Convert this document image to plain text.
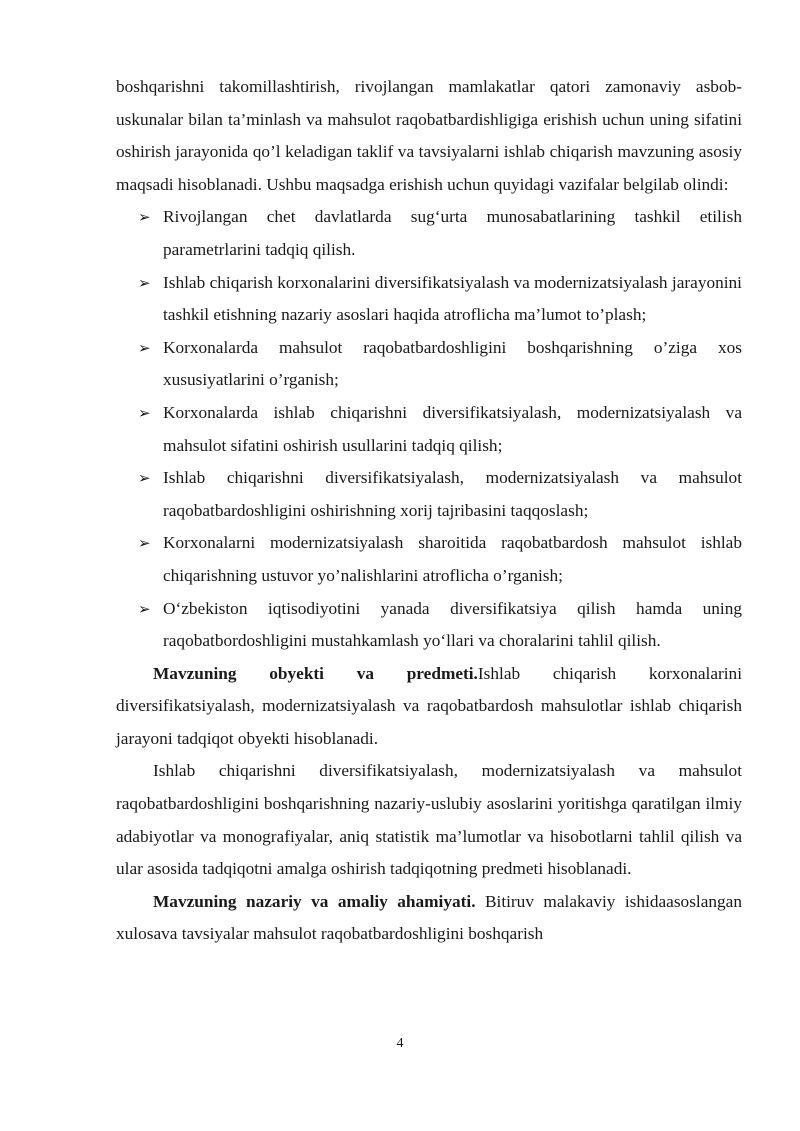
boshqarishni takomillashtirish, rivojlangan mamlakatlar qatori zamonaviy asbob-uskunalar bilan ta’minlash va mahsulot raqobatbardishligiga erishish uchun uning sifatini oshirish jarayonida qo’l keladigan taklif va tavsiyalarni ishlab chiqarish mavzuning asosiy maqsadi hisoblanadi. Ushbu maqsadga erishish uchun quyidagi vazifalar belgilab olindi:

➢ Rivojlangan chet davlatlarda sug‘urta munosabatlarining tashkil etilish parametrlarini tadqiq qilish.
➢ Ishlab chiqarish korxonalarini diversifikatsiyalash va modernizatsiyalash jarayonini tashkil etishning nazariy asoslari haqida atroflicha ma’lumot to’plash;
➢ Korxonalarda mahsulot raqobatbardoshligini boshqarishning o’ziga xos xususiyatlarini o’rganish;
➢ Korxonalarda ishlab chiqarishni diversifikatsiyalash, modernizatsiyalash va mahsulot sifatini oshirish usullarini tadqiq qilish;
➢ Ishlab chiqarishni diversifikatsiyalash, modernizatsiyalash va mahsulot raqobatbardoshligini oshirishning xorij tajribasini taqqoslash;
➢ Korxonalarni modernizatsiyalash sharoitida raqobatbardosh mahsulot ishlab chiqarishning ustuvor yo’nalishlarini atroflicha o’rganish;
➢ O‘zbekiston iqtisodiyotini yanada diversifikatsiya qilish hamda uning raqobatbordoshligini mustahkamlash yo‘llari va choralarini tahlil qilish.

Mavzuning obyekti va predmeti.Ishlab chiqarish korxonalarini diversifikatsiyalash, modernizatsiyalash va raqobatbardosh mahsulotlar ishlab chiqarish jarayoni tadqiqot obyekti hisoblanadi.

Ishlab chiqarishni diversifikatsiyalash, modernizatsiyalash va mahsulot raqobatbardoshligini boshqarishning nazariy-uslubiy asoslarini yoritishga qaratilgan ilmiy adabiyotlar va monografiyalar, aniq statistik ma’lumotlar va hisobotlarni tahlil qilish va ular asosida tadqiqotni amalga oshirish tadqiqotning predmeti hisoblanadi.

Mavzuning nazariy va amaliy ahamiyati. Bitiruv malakaviy ishidaasoslangan xulosava tavsiyalar mahsulot raqobatbardoshligini boshqarish

4
